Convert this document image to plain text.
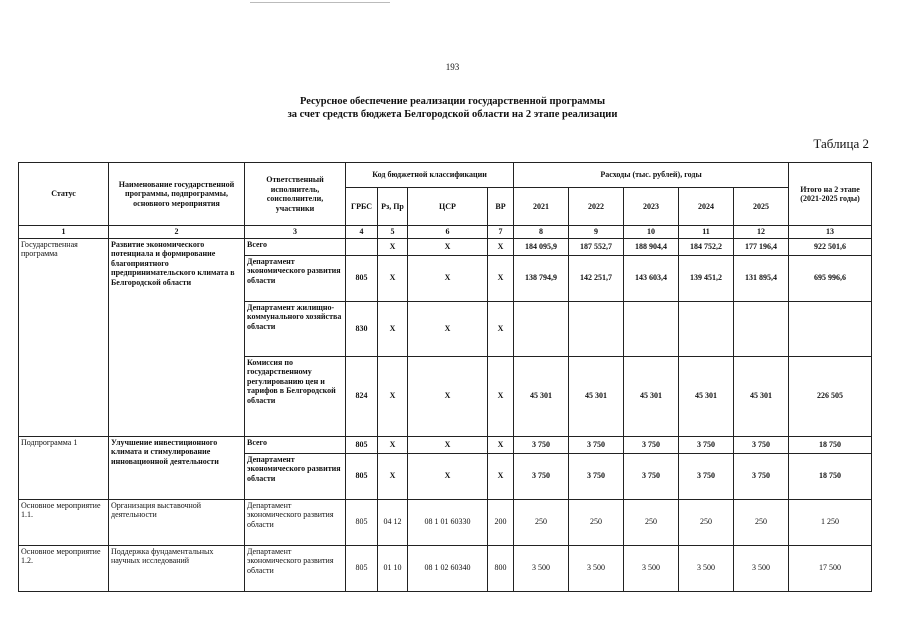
193
Ресурсное обеспечение реализации государственной программы
за счет средств бюджета Белгородской области на 2 этапе реализации
Таблица 2
Статус	Наименование государственной программы, подпрограммы, основного мероприятия	Ответственный исполнитель, соисполнители, участники	Код бюджетной классификации				Расходы (тыс. рублей), годы					Итого на 2 этапе (2021-2025 годы)
			ГРБС	Рз, Пр	ЦСР	ВР	2021	2022	2023	2024	2025	
1	2	3	4	5	6	7	8	9	10	11	12	13
Государственная программа	Развитие экономического потенциала и формирование благоприятного предпринимательского климата в Белгородской области	Всего		X	X	X	184 095,9	187 552,7	188 904,4	184 752,2	177 196,4	922 501,6
		Департамент экономического развития области	805	X	X	X	138 794,9	142 251,7	143 603,4	139 451,2	131 895,4	695 996,6
		Департамент жилищно-коммунального хозяйства области	830	X	X	X						
		Комиссия по государственному регулированию цен и тарифов в Белгородской области	824	X	X	X	45 301	45 301	45 301	45 301	45 301	226 505
Подпрограмма 1	Улучшение инвестиционного климата и стимулирование инновационной деятельности	Всего	805	X	X	X	3 750	3 750	3 750	3 750	3 750	18 750
		Департамент экономического развития области	805	X	X	X	3 750	3 750	3 750	3 750	3 750	18 750
Основное мероприятие 1.1.	Организация выставочной деятельности	Департамент экономического развития области	805	04 12	08 1 01 60330	200	250	250	250	250	250	1 250
Основное мероприятие 1.2.	Поддержка фундаментальных научных исследований	Департамент экономического развития области	805	01 10	08 1 02 60340	800	3 500	3 500	3 500	3 500	3 500	17 500
